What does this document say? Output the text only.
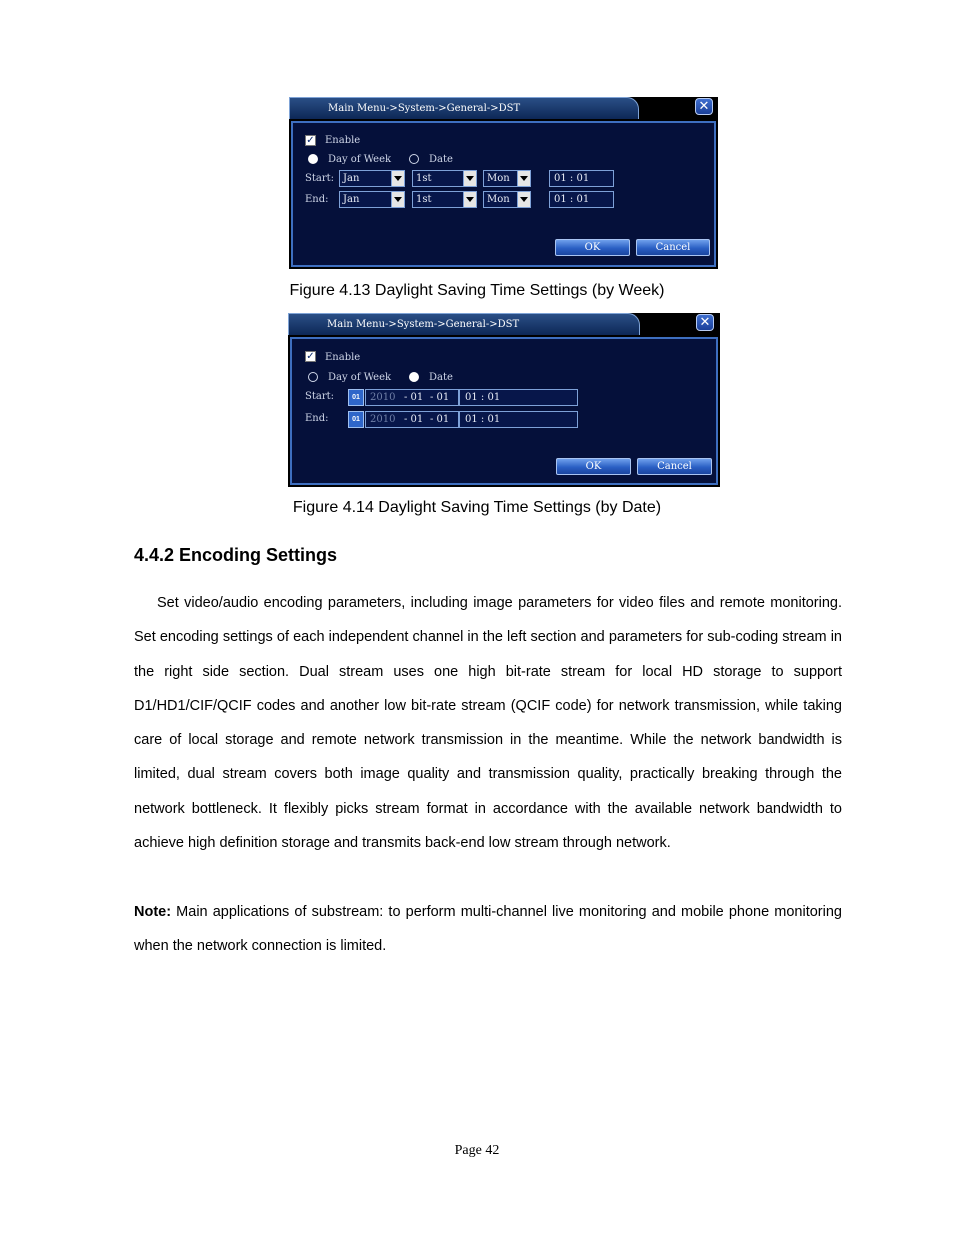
Main Menu->System->General->DST	✕
✓ Enable
Day of Week	Date
Start: Jan	1st	Mon	01 : 01
End: Jan	1st	Mon	01 : 01
OK	Cancel
Figure 4.13 Daylight Saving Time Settings (by Week)
Main Menu->System->General->DST	✕
✓ Enable
Day of Week	Date
Start:	01	2010 - 01 - 01 01 : 01
End:	01	2010 - 01 - 01 01 : 01
OK	Cancel
Figure 4.14 Daylight Saving Time Settings (by Date)
4.4.2 Encoding Settings

Set video/audio encoding parameters, including image parameters for video files and remote monitoring. Set encoding settings of each independent channel in the left section and parameters for sub-coding stream in the right side section. Dual stream uses one high bit-rate stream for local HD storage to support D1/HD1/CIF/QCIF codes and another low bit-rate stream (QCIF code) for network transmission, while taking care of local storage and remote network transmission in the meantime. While the network bandwidth is limited, dual stream covers both image quality and transmission quality, practically breaking through the network bottleneck. It flexibly picks stream format in accordance with the available network bandwidth to achieve high definition storage and transmits back-end low stream through network.

Note: Main applications of substream: to perform multi-channel live monitoring and mobile phone monitoring when the network connection is limited.

Page 42
